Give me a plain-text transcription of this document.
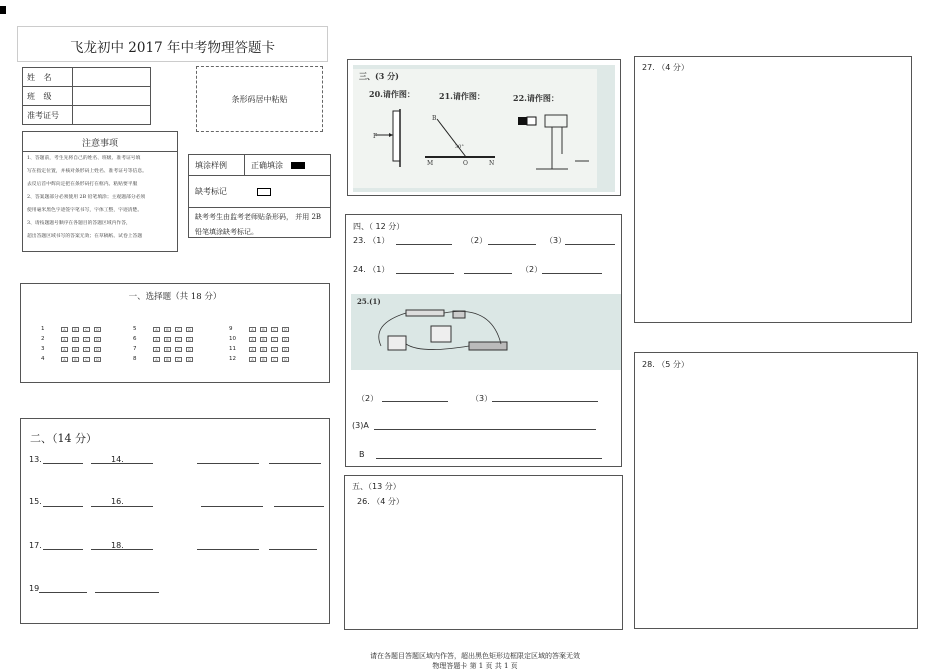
飞龙初中 2017 年中考物理答题卡
姓 名	
班 级	
准考证号	
条形码居中粘贴
注意事项
1、答题前，考生先将自己的姓名、班级、准考证号填
写在指定位置，并核对条形码上姓名、准考证号等信息。
去反后首中辉向定把在条形码打在框内。粘贴要平服
2、答案题部分必须使用 2B 铅笔填涂；主观题部分必须
使用毫米黑色字迹签字笔书写，字体工整，字迹清楚。
3、请按题题号顺序在各题目的答题区域内作答，
超出答题区域书写的答案无效；在草稿纸、试卷上答题
填涂样例	正确填涂
缺考标记
缺考考生由监考老师贴条形码， 并用 2B 铅笔填涂缺考标记。
一、选择题（共 18 分）
1	A	B	C	D
2	A	B	C	D
3	A	B	C	D
4	A	B	C	D
5	A	B	C	D
6	A	B	C	D
7	A	B	C	D
8	A	B	C	D
9	A	B	C	D
10	A	B	C	D
11	A	B	C	D
12	A	B	C	D
二、（14 分）
13.	14.
15.	16.
17.	18.
19
三、(3 分)
20.请作图：	21.请作图：	22.请作图：
F
B
30°
M	O	N
四、（ 12 分）
23. （1）	（2）	（3）
24. （1）	（2）
25.(1)
（2）	（3）
(3)A
B
五、（13 分）
26. （4 分）
27. （4 分）
28. （5 分）
请在各题目答题区域内作答，超出黑色矩形边框限定区域的答案无效
物理答题卡 第 1 页 共 1 页
